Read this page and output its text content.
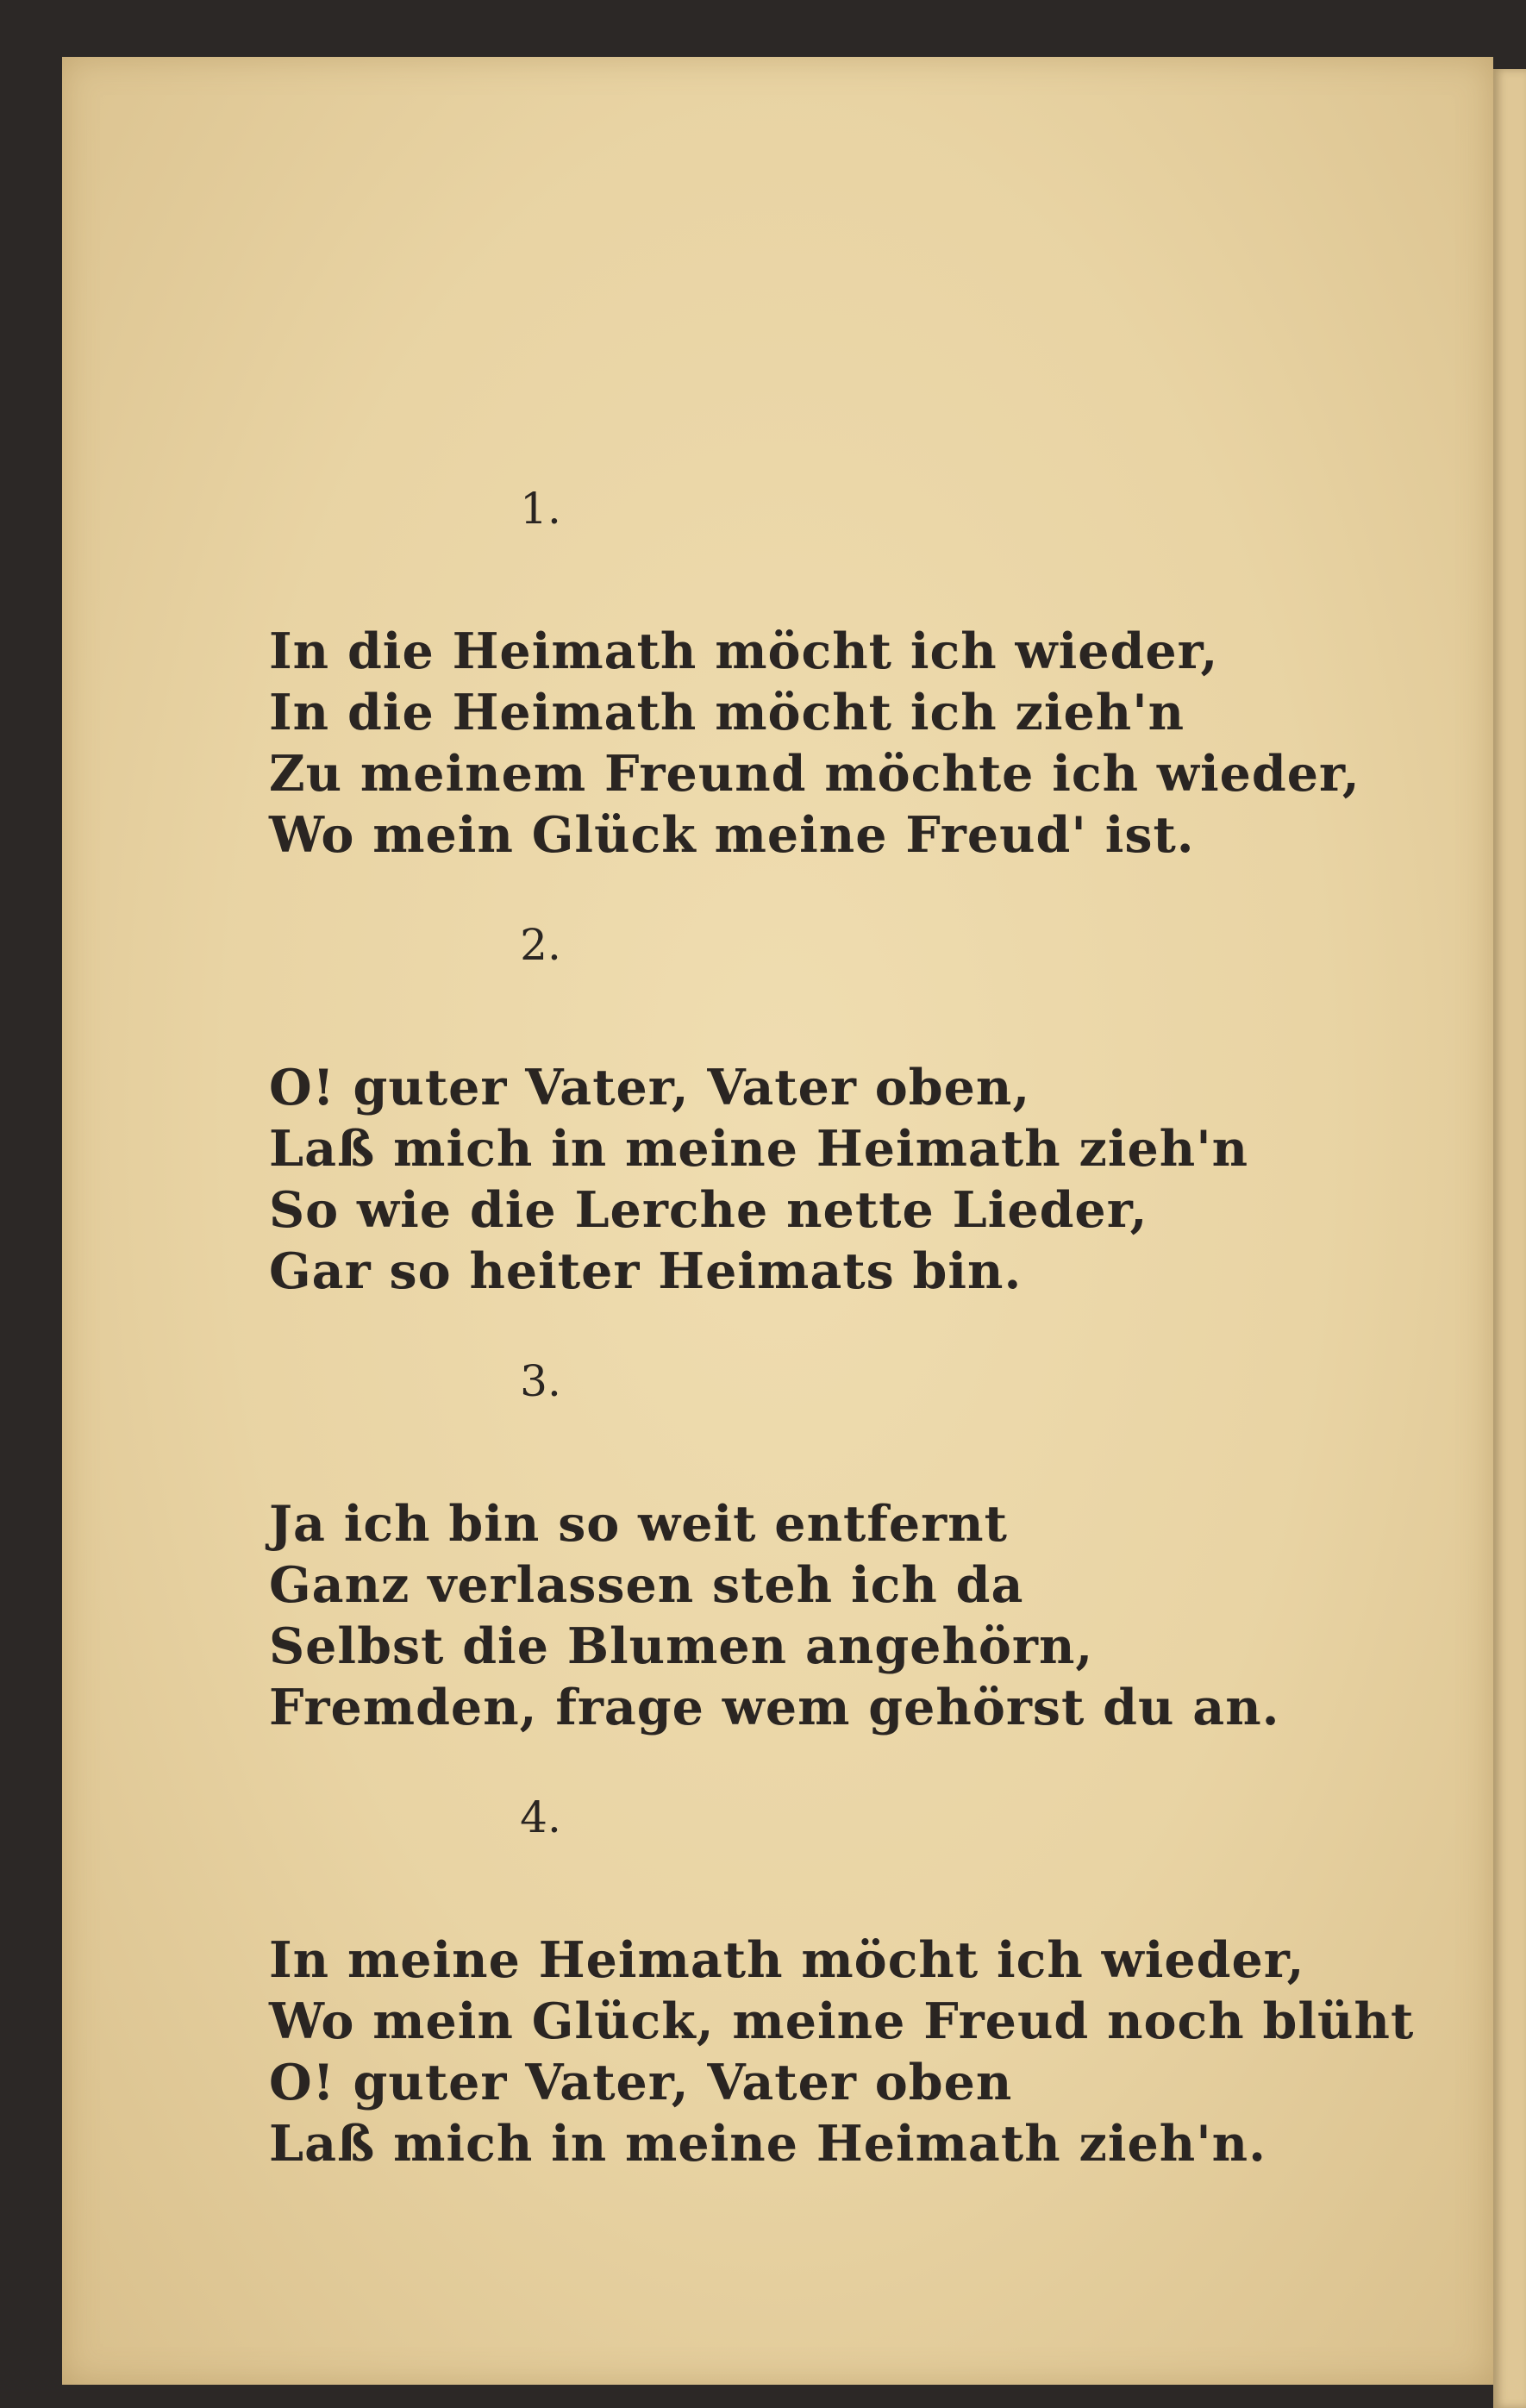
1.
In die Heimath möcht ich wieder,
In die Heimath möcht ich zieh'n
Zu meinem Freund möchte ich wieder,
Wo mein Glück meine Freud' ist.
2.
O! guter Vater, Vater oben,
Laß mich in meine Heimath zieh'n
So wie die Lerche nette Lieder,
Gar so heiter Heimats bin.
3.
Ja ich bin so weit entfernt
Ganz verlassen steh ich da
Selbst die Blumen angehörn,
Fremden, frage wem gehörst du an.
4.
In meine Heimath möcht ich wieder,
Wo mein Glück, meine Freud noch blüht
O! guter Vater, Vater oben
Laß mich in meine Heimath zieh'n.
